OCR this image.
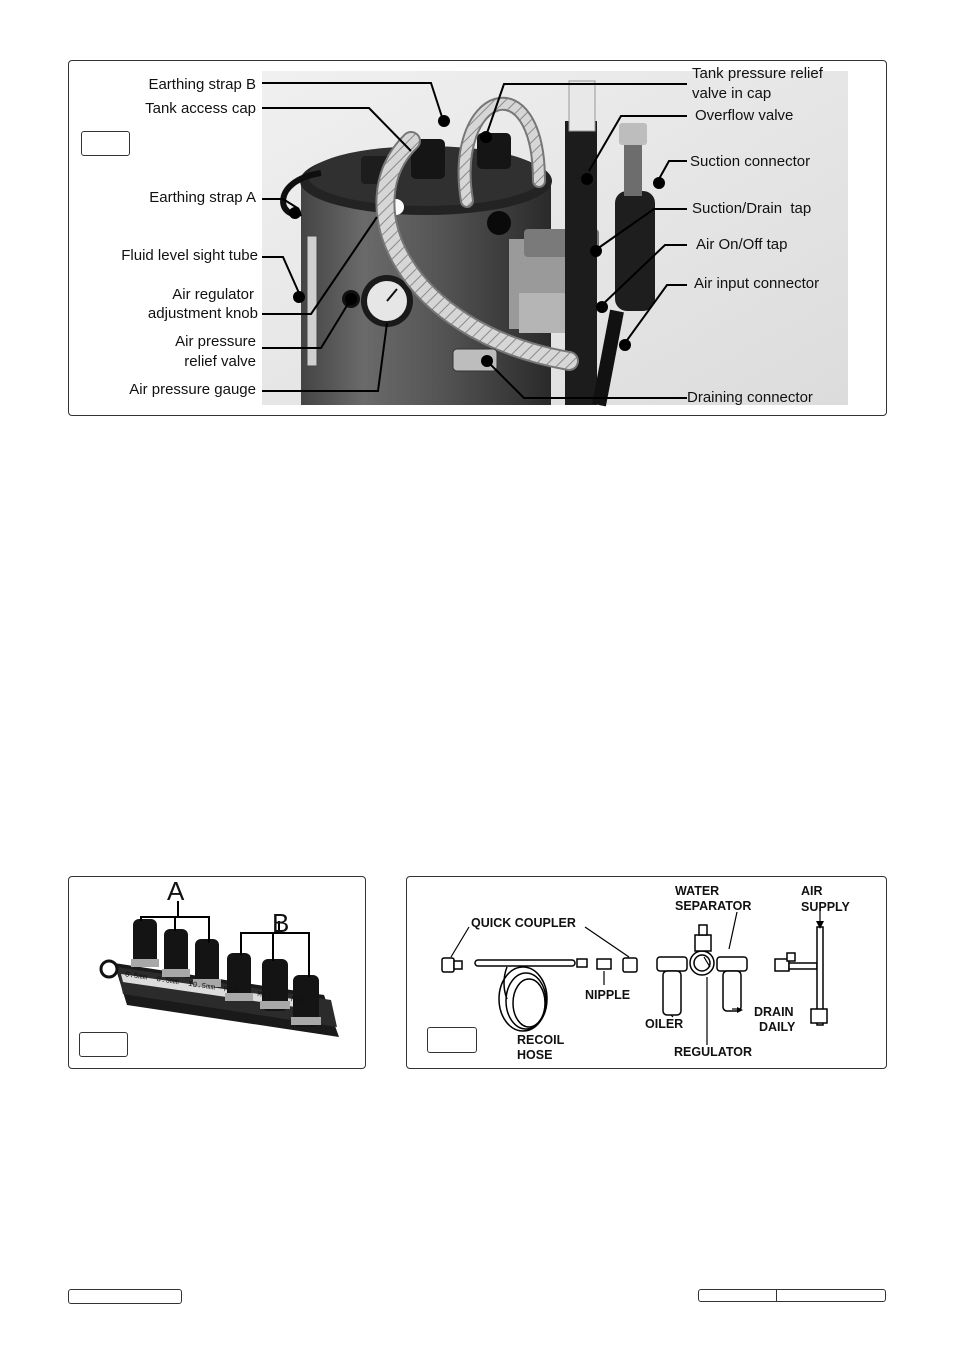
Earthing strap B
Tank access cap
Earthing strap A
Fluid level sight tube
Air regulator
adjustment knob
Air pressure
relief valve
Air pressure gauge
Tank pressure relief
valve in cap
Overflow valve
Suction connector
Suction/Drain  tap
Air On/Off tap
Air input connector
Draining connector
A
B
6.5mm 8.5mm 10.5mm M10
M12
M14
QUICK COUPLER
WATER
SEPARATOR
AIR
SUPPLY
NIPPLE
OILER
DRAIN
DAILY
RECOIL
HOSE	REGULATOR
